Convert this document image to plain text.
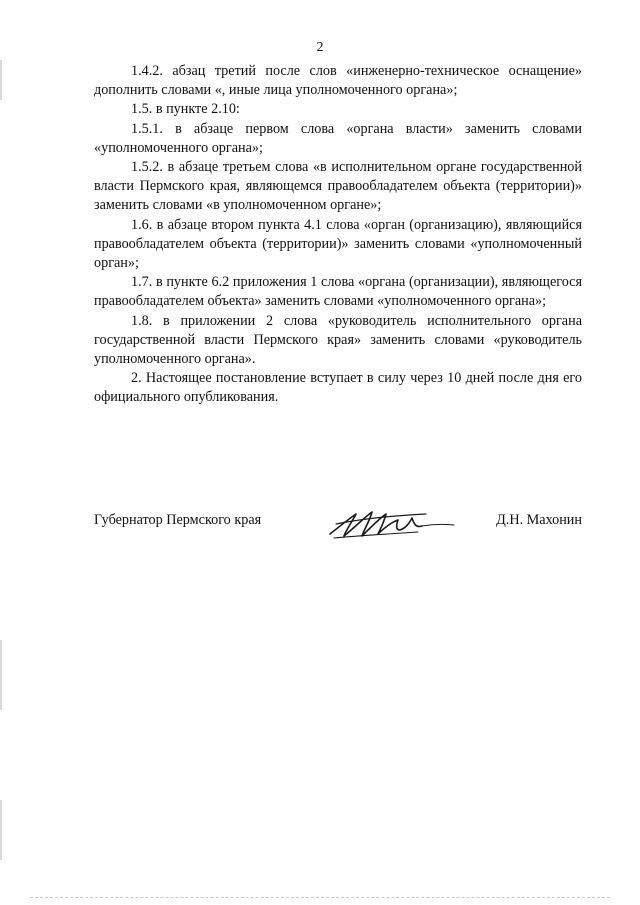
2

1.4.2. абзац третий после слов «инженерно-техническое оснащение» дополнить словами «, иные лица уполномоченного органа»;

1.5. в пункте 2.10:

1.5.1. в абзаце первом слова «органа власти» заменить словами «уполномоченного органа»;

1.5.2. в абзаце третьем слова «в исполнительном органе государственной власти Пермского края, являющемся правообладателем объекта (территории)» заменить словами «в уполномоченном органе»;

1.6. в абзаце втором пункта 4.1 слова «орган (организацию), являющийся правообладателем объекта (территории)» заменить словами «уполномоченный орган»;

1.7. в пункте 6.2 приложения 1 слова «органа (организации), являющегося правообладателем объекта» заменить словами «уполномоченного органа»;

1.8. в приложении 2 слова «руководитель исполнительного органа государственной власти Пермского края» заменить словами «руководитель уполномоченного органа».

2. Настоящее постановление вступает в силу через 10 дней после дня его официального опубликования.

Губернатор Пермского края	Д.Н. Махонин
